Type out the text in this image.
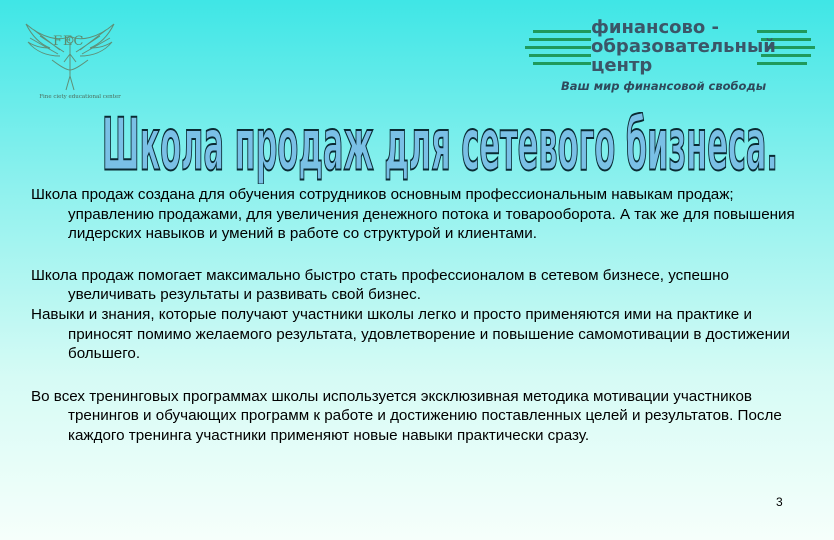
FEC
Fine ciety educational center
финансово -
образовательный
центр
Ваш мир финансовой свободы
Школа продаж для сетевого бизнеса.

Школа продаж создана для обучения сотрудников основным профессиональным навыкам продаж; управлению продажами, для увеличения денежного потока и товарооборота. А так же для повышения лидерских навыков и умений в работе со структурой и клиентами.

Школа продаж помогает максимально быстро стать профессионалом в сетевом бизнесе, успешно увеличивать результаты и развивать свой бизнес.

Навыки и знания, которые получают участники школы легко и просто применяются ими на практике и приносят помимо желаемого результата, удовлетворение и повышение самомотивации в достижении большего.

Во всех тренинговых программах школы используется эксклюзивная методика мотивации участников тренингов и обучающих программ к работе и достижению поставленных целей и результатов. После каждого тренинга участники применяют новые навыки практически сразу.

3
